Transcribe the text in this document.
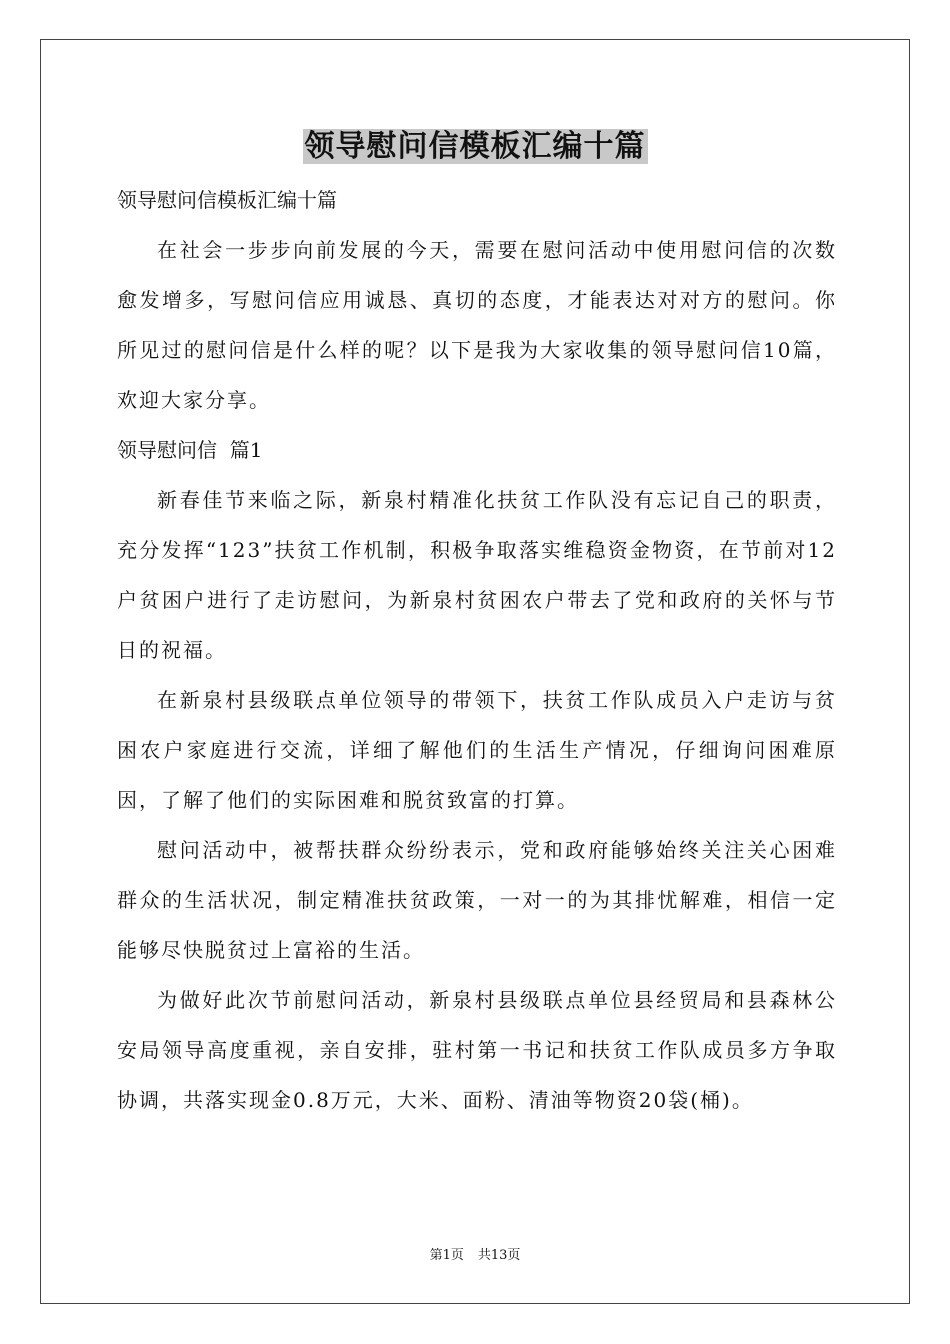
领导慰问信模板汇编十篇

领导慰问信模板汇编十篇

在社会一步步向前发展的今天，需要在慰问活动中使用慰问信的次数愈发增多，写慰问信应用诚恳、真切的态度，才能表达对对方的慰问。你所见过的慰问信是什么样的呢？以下是我为大家收集的领导慰问信10篇，欢迎大家分享。

领导慰问信  篇1

新春佳节来临之际，新泉村精准化扶贫工作队没有忘记自己的职责，充分发挥“123”扶贫工作机制，积极争取落实维稳资金物资，在节前对12户贫困户进行了走访慰问，为新泉村贫困农户带去了党和政府的关怀与节日的祝福。

在新泉村县级联点单位领导的带领下，扶贫工作队成员入户走访与贫困农户家庭进行交流，详细了解他们的生活生产情况，仔细询问困难原因，了解了他们的实际困难和脱贫致富的打算。

慰问活动中，被帮扶群众纷纷表示，党和政府能够始终关注关心困难群众的生活状况，制定精准扶贫政策，一对一的为其排忧解难，相信一定能够尽快脱贫过上富裕的生活。

为做好此次节前慰问活动，新泉村县级联点单位县经贸局和县森林公安局领导高度重视，亲自安排，驻村第一书记和扶贫工作队成员多方争取协调，共落实现金0.8万元，大米、面粉、清油等物资20袋(桶)。

第1页 共13页
